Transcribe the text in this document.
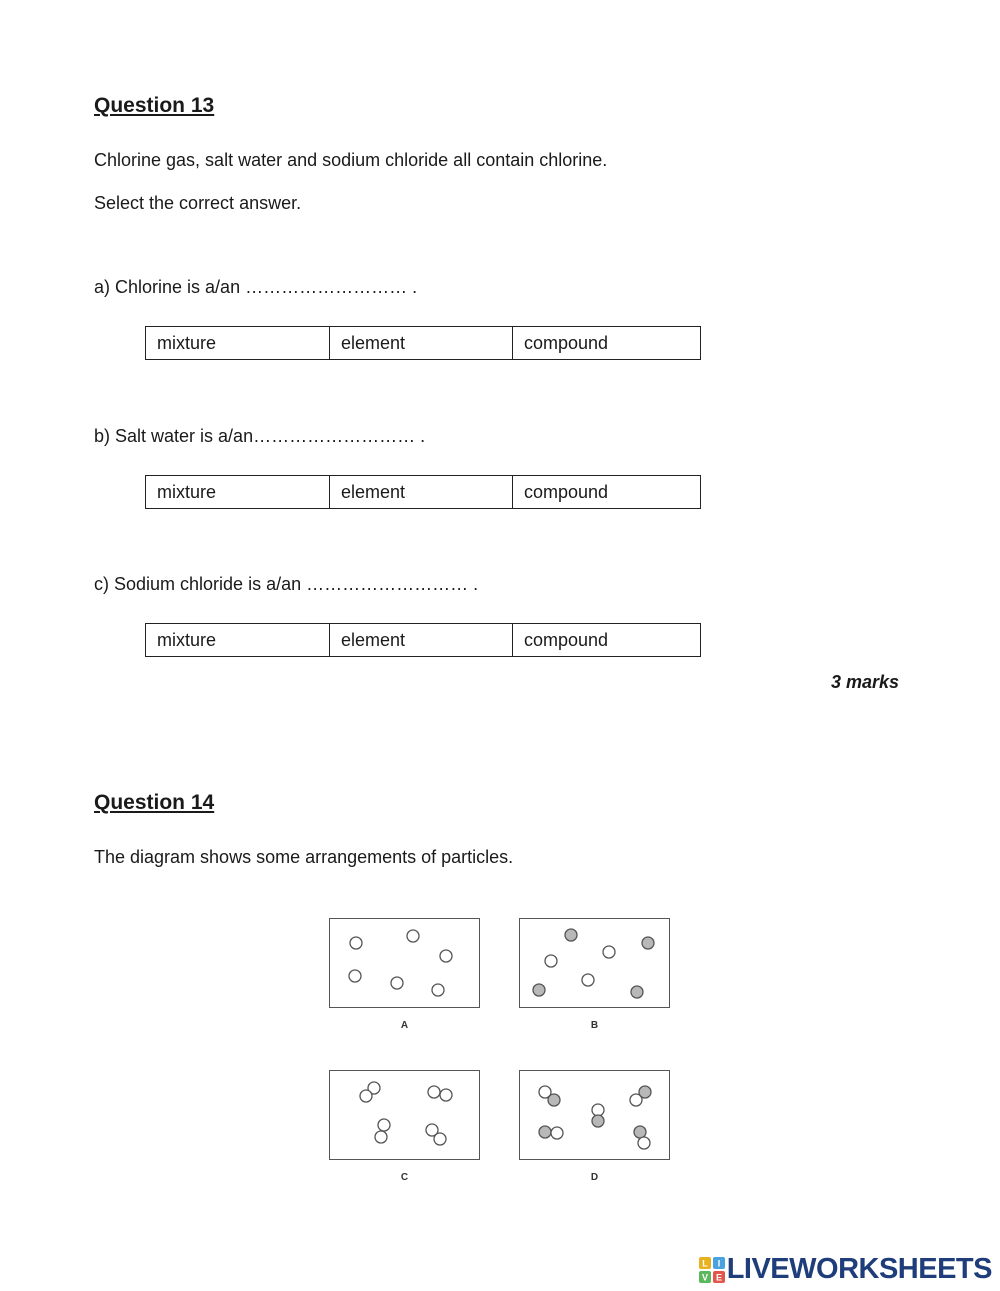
Question 13
Chlorine gas, salt water and sodium chloride all contain chlorine.
Select the correct answer.
a) Chlorine is a/an ……………………… .
mixture	element	compound
b) Salt water is a/an……………………… .
mixture	element	compound
c) Sodium chloride is a/an ……………………… .
mixture	element	compound
3 marks
Question 14
The diagram shows some arrangements of particles.
A	B
C	D
L I
V E LIVEWORKSHEETS
